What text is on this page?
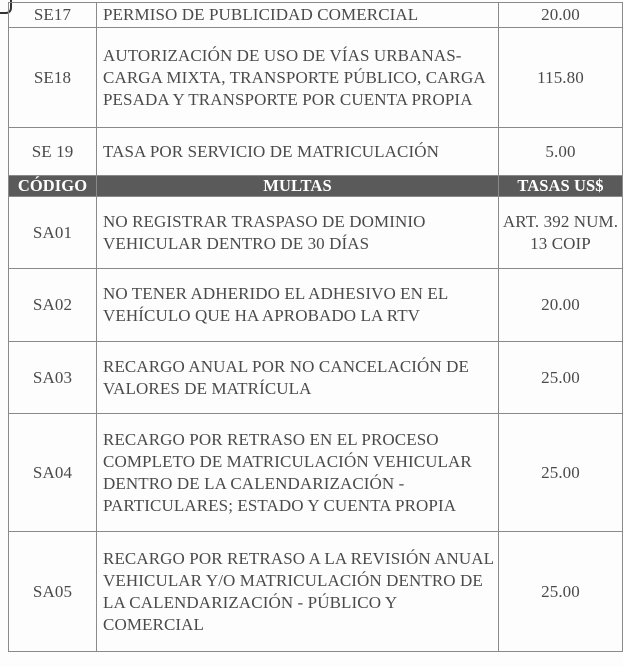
SE17	PERMISO DE PUBLICIDAD COMERCIAL	20.00
SE18	AUTORIZACIÓN DE USO DE VÍAS URBANAS-CARGA MIXTA, TRANSPORTE PÚBLICO, CARGA PESADA Y TRANSPORTE POR CUENTA PROPIA	115.80
SE 19	TASA POR SERVICIO DE MATRICULACIÓN	5.00
CÓDIGO	MULTAS	TASAS US$
SA01	NO REGISTRAR TRASPASO DE DOMINIO VEHICULAR DENTRO DE 30 DÍAS	ART. 392 NUM. 13 COIP
SA02	NO TENER ADHERIDO EL ADHESIVO EN EL VEHÍCULO QUE HA APROBADO LA RTV	20.00
SA03	RECARGO ANUAL POR NO CANCELACIÓN DE VALORES DE MATRÍCULA	25.00
SA04	RECARGO POR RETRASO EN EL PROCESO COMPLETO DE MATRICULACIÓN VEHICULAR DENTRO DE LA CALENDARIZACIÓN - PARTICULARES; ESTADO Y CUENTA PROPIA	25.00
SA05	RECARGO POR RETRASO A LA REVISIÓN ANUAL VEHICULAR Y/O MATRICULACIÓN DENTRO DE LA CALENDARIZACIÓN - PÚBLICO Y COMERCIAL	25.00
